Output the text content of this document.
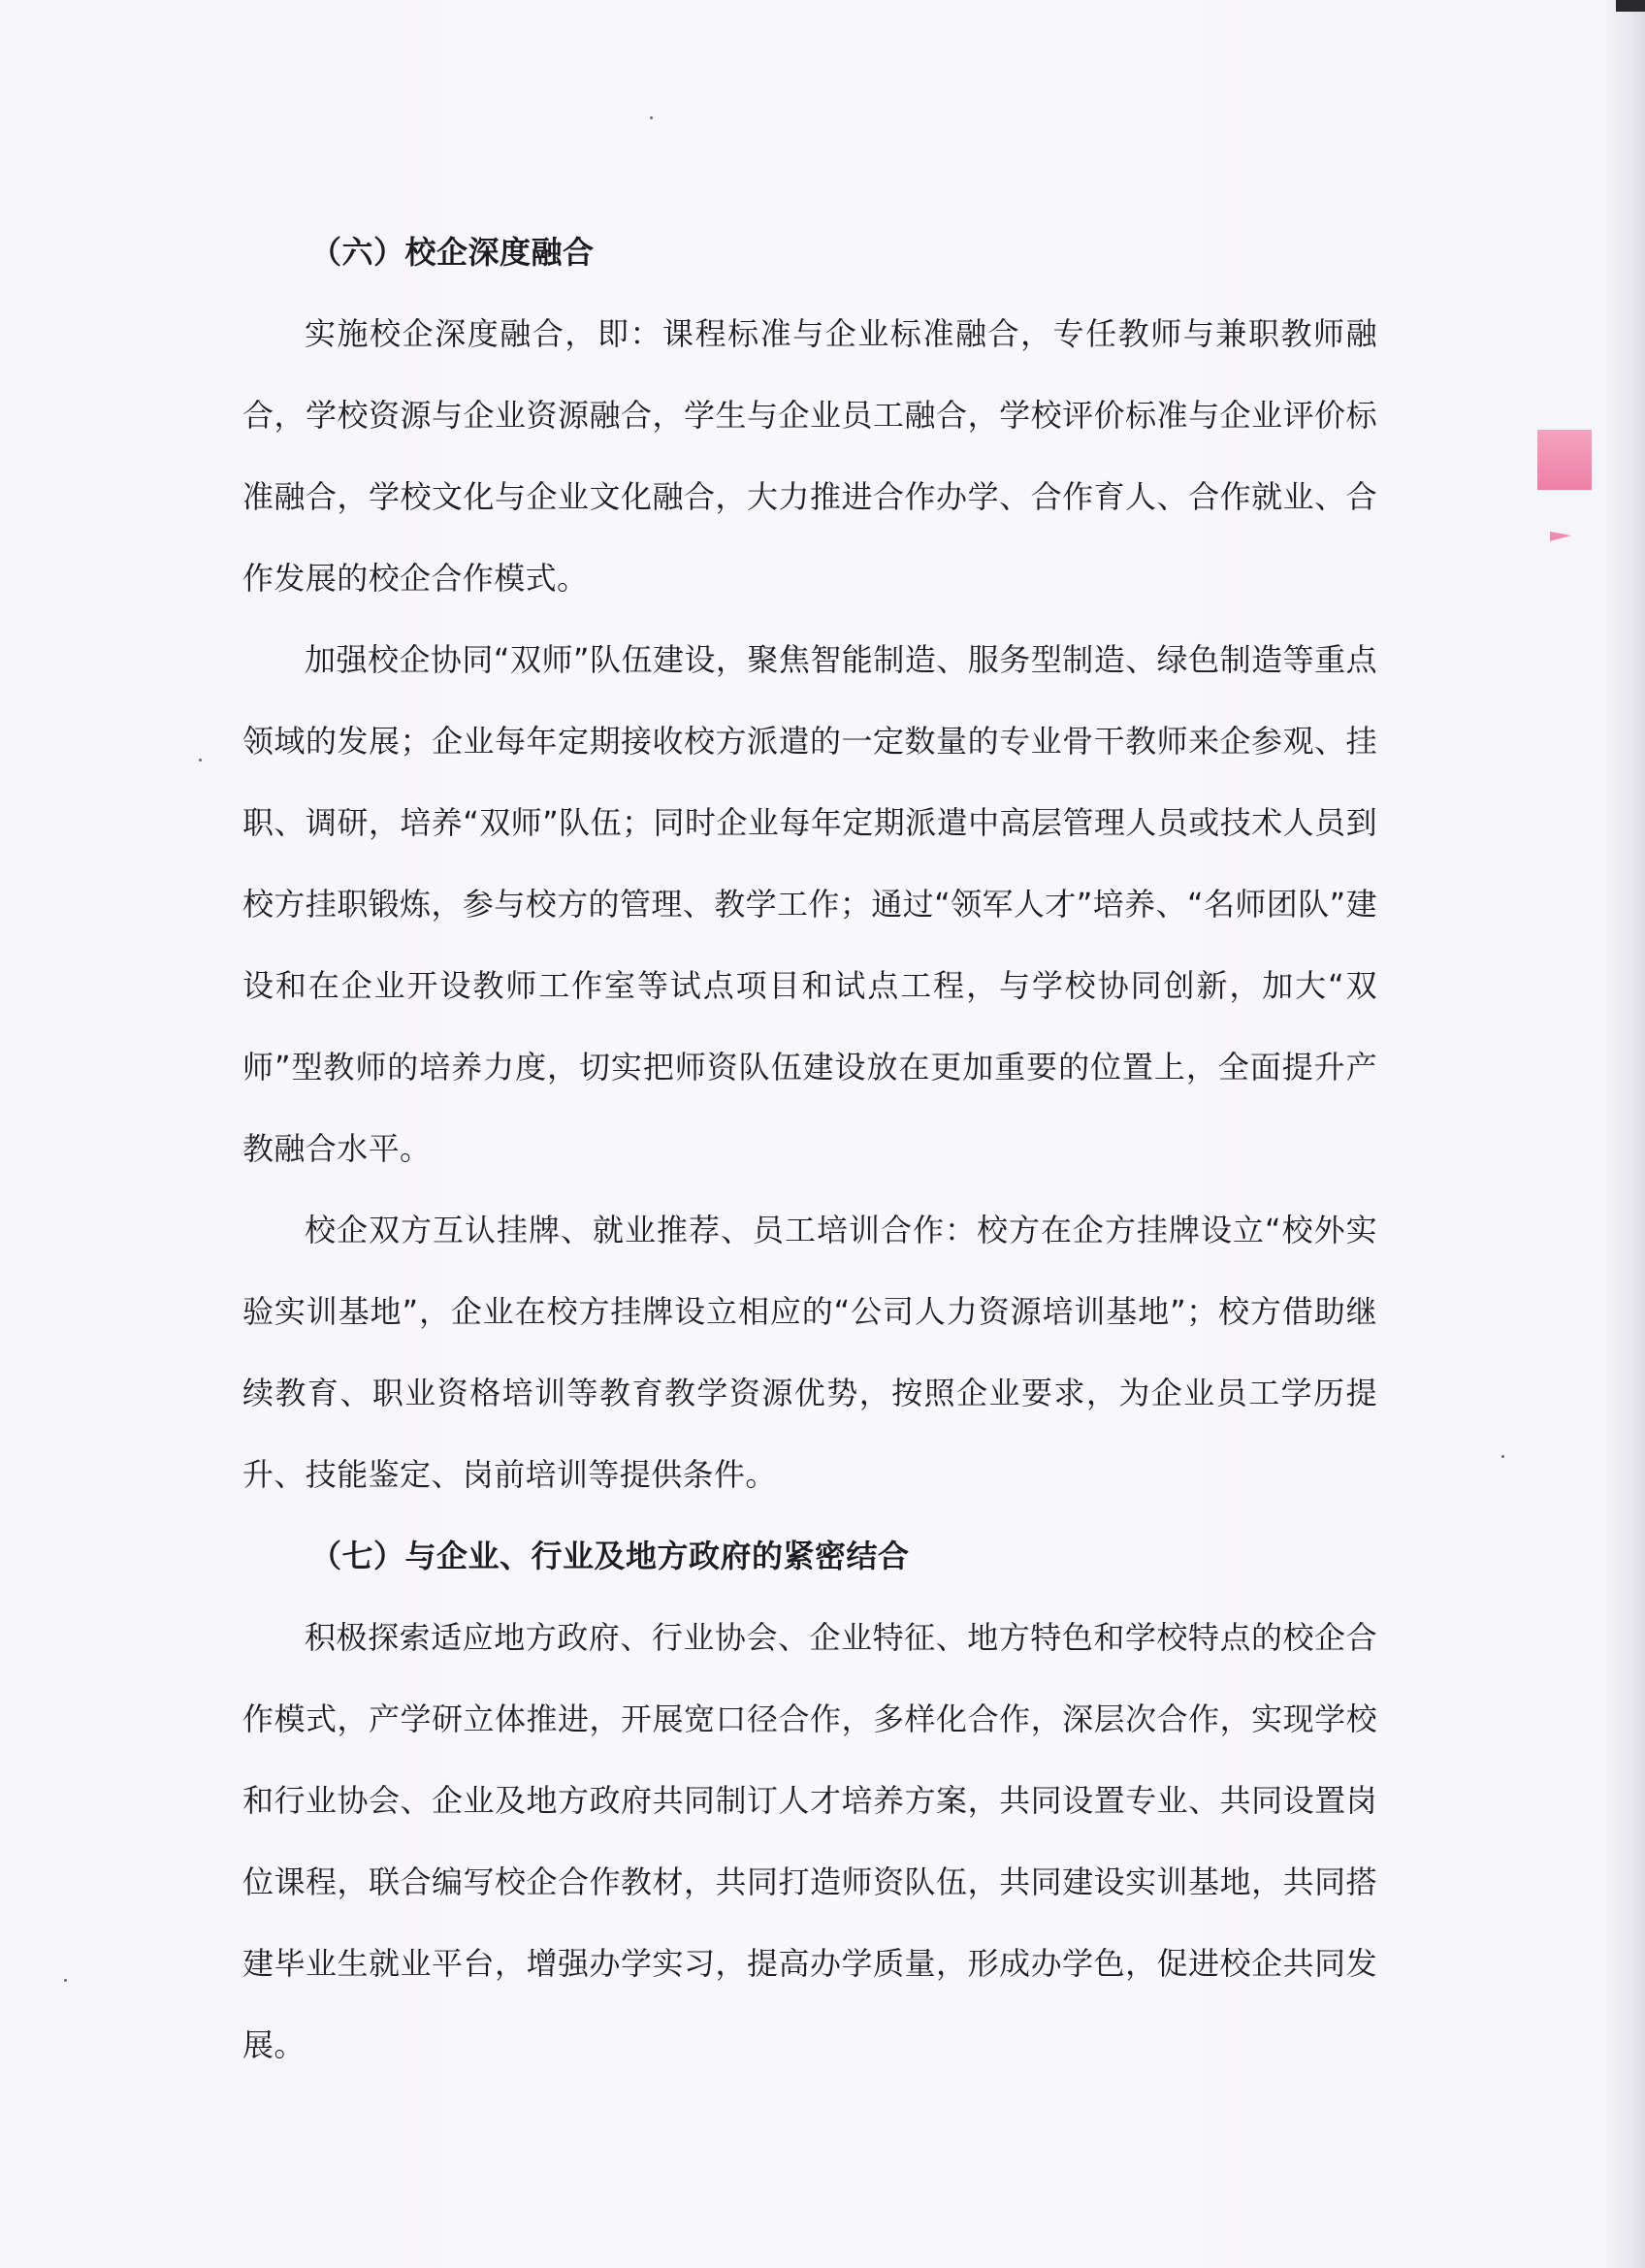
（六）校企深度融合

实施校企深度融合，即：课程标准与企业标准融合，专任教师与兼职教师融合，学校资源与企业资源融合，学生与企业员工融合，学校评价标准与企业评价标准融合，学校文化与企业文化融合，大力推进合作办学、合作育人、合作就业、合作发展的校企合作模式。

加强校企协同“双师”队伍建设，聚焦智能制造、服务型制造、绿色制造等重点领域的发展；企业每年定期接收校方派遣的一定数量的专业骨干教师来企参观、挂职、调研，培养“双师”队伍；同时企业每年定期派遣中高层管理人员或技术人员到校方挂职锻炼，参与校方的管理、教学工作；通过“领军人才”培养、“名师团队”建设和在企业开设教师工作室等试点项目和试点工程，与学校协同创新，加大“双师”型教师的培养力度，切实把师资队伍建设放在更加重要的位置上，全面提升产教融合水平。

校企双方互认挂牌、就业推荐、员工培训合作：校方在企方挂牌设立“校外实验实训基地”，企业在校方挂牌设立相应的“公司人力资源培训基地”；校方借助继续教育、职业资格培训等教育教学资源优势，按照企业要求，为企业员工学历提升、技能鉴定、岗前培训等提供条件。

（七）与企业、行业及地方政府的紧密结合

积极探索适应地方政府、行业协会、企业特征、地方特色和学校特点的校企合作模式，产学研立体推进，开展宽口径合作，多样化合作，深层次合作，实现学校和行业协会、企业及地方政府共同制订人才培养方案，共同设置专业、共同设置岗位课程，联合编写校企合作教材，共同打造师资队伍，共同建设实训基地，共同搭建毕业生就业平台，增强办学实习，提高办学质量，形成办学色，促进校企共同发展。
